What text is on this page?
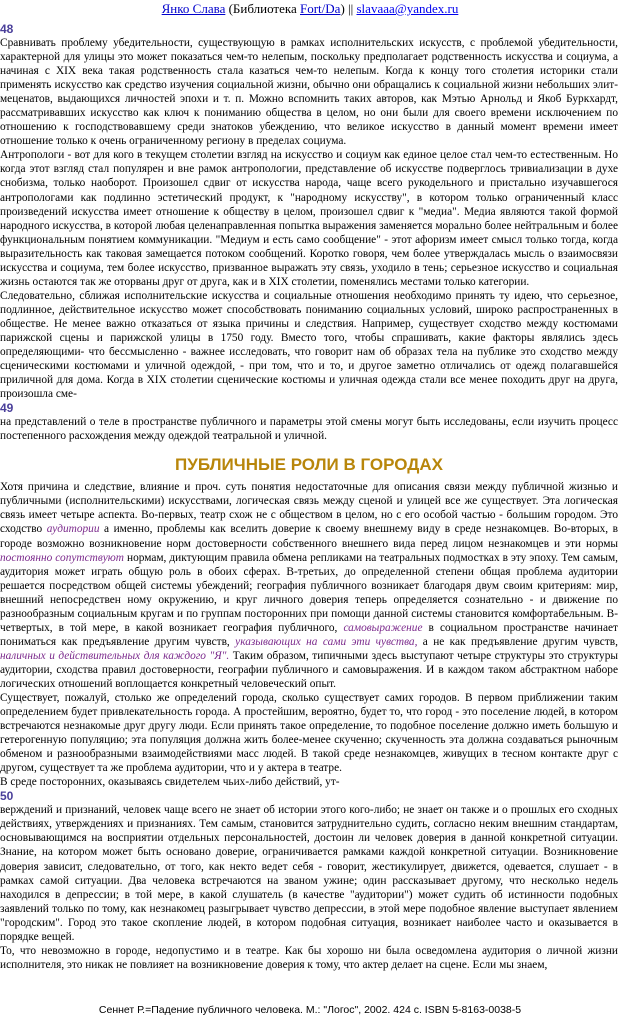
Янко Слава (Библиотека Fort/Da) || slavaaa@yandex.ru
48

Сравнивать проблему убедительности, существующую в рамках исполнительских искусств, с проблемой убедительности, характерной для улицы это может показаться чем-то нелепым, поскольку предполагает родственность искусства и социума, а начиная с XIX века такая родственность стала казаться чем-то нелепым. Когда к концу того столетия историки стали применять искусство как средство изучения социальной жизни, обычно они обращались к социальной жизни небольших элит- меценатов, выдающихся личностей эпохи и т. п. Можно вспомнить таких авторов, как Мэтью Арнольд и Якоб Буркхардт, рассматривавших искусство как ключ к пониманию общества в целом, но они были для своего времени исключением по отношению к господствовавшему среди знатоков убеждению, что великое искусство в данный момент времени имеет отношение только к очень ограниченному региону в пределах социума.

Антропологи - вот для кого в текущем столетии взгляд на искусство и социум как единое целое стал чем-то естественным. Но когда этот взгляд стал популярен и вне рамок антропологии, представление об искусстве подверглось тривиализации в духе снобизма, только наоборот. Произошел сдвиг от искусства народа, чаще всего рукодельного и пристально изучавшегося антропологами как подлинно эстетический продукт, к "народному искусству", в котором только ограниченный класс произведений искусства имеет отношение к обществу в целом, произошел сдвиг к "медиа". Медиа являются такой формой народного искусства, в которой любая целенаправленная попытка выражения заменяется морально более нейтральным и более функциональным понятием коммуникации. "Медиум и есть само сообщение" - этот афоризм имеет смысл только тогда, когда выразительность как таковая замещается потоком сообщений. Коротко говоря, чем более утверждалась мысль о взаимосвязи искусства и социума, тем более искусство, призванное выражать эту связь, уходило в тень; серьезное искусство и социальная жизнь остаются так же оторваны друг от друга, как и в XIX столетии, поменялись местами только категории.

Следовательно, сближая исполнительские искусства и социальные отношения необходимо принять ту идею, что серьезное, подлинное, действительное искусство может способствовать пониманию социальных условий, широко распространенных в обществе. Не менее важно отказаться от языка причины и следствия. Например, существует сходство между костюмами парижской сцены и парижской улицы в 1750 году. Вместо того, чтобы спрашивать, какие факторы являлись здесь определяющими- что бессмысленно - важнее исследовать, что говорит нам об образах тела на публике это сходство между сценическими костюмами и уличной одеждой, - при том, что и то, и другое заметно отличались от одежд полагавшейся приличной для дома. Когда в XIX столетии сценические костюмы и уличная одежда стали все менее походить друг на друга, произошла сме-

49

на представлений о теле в пространстве публичного и параметры этой смены могут быть исследованы, если изучить процесс постепенного расхождения между одеждой театральной и уличной.

ПУБЛИЧНЫЕ РОЛИ В ГОРОДАХ

Хотя причина и следствие, влияние и проч. суть понятия недостаточные для описания связи между публичной жизнью и публичными (исполнительскими) искусствами, логическая связь между сценой и улицей все же существует. Эта логическая связь имеет четыре аспекта. Во-первых, театр схож не с обществом в целом, но с его особой частью - большим городом. Это сходство аудитории а именно, проблемы как вселить доверие к своему внешнему виду в среде незнакомцев. Во-вторых, в городе возможно возникновение норм достоверности собственного внешнего вида перед лицом незнакомцев и эти нормы постоянно сопутствуют нормам, диктующим правила обмена репликами на театральных подмостках в эту эпоху. Тем самым, аудитория может играть общую роль в обоих сферах. В-третьих, до определенной степени общая проблема аудитории решается посредством общей системы убеждений; география публичного возникает благодаря двум своим критериям: мир, внешний непосредствен ному окружению, и круг личного доверия теперь определяется сознательно - и движение по разнообразным социальным кругам и по группам посторонних при помощи данной системы становится комфортабельным. В-четвертых, в той мере, в какой возникает география публичного, самовыражение в социальном пространстве начинает пониматься как предъявление другим чувств, указывающих на сами эти чувства, а не как предъявление другим чувств, наличных и действительных для каждого "Я". Таким образом, типичными здесь выступают четыре структуры это структуры аудитории, сходства правил достоверности, географии публичного и самовыражения. И в каждом таком абстрактном наборе логических отношений воплощается конкретный человеческий опыт.

Существует, пожалуй, столько же определений города, сколько существует самих городов. В первом приближении таким определением будет привлекательность города. А простейшим, вероятно, будет то, что город - это поселение людей, в котором встречаются незнакомые друг другу люди. Если принять такое определение, то подобное поселение должно иметь большую и гетерогенную популяцию; эта популяция должна жить более-менее скученно; скученность эта должна создаваться рыночным обменом и разнообразными взаимодействиями масс людей. В такой среде незнакомцев, живущих в тесном контакте друг с другом, существует та же проблема аудитории, что и у актера в театре.

В среде посторонних, оказываясь свидетелем чьих-либо действий, ут-

50

верждений и признаний, человек чаще всего не знает об истории этого кого-либо; не знает он также и о прошлых его сходных действиях, утверждениях и признаниях. Тем самым, становится затруднительно судить, согласно неким внешним стандартам, основывающимся на восприятии отдельных персональностей, достоин ли человек доверия в данной конкретной ситуации. Знание, на котором может быть основано доверие, ограничивается рамками каждой конкретной ситуации. Возникновение доверия зависит, следовательно, от того, как некто ведет себя - говорит, жестикулирует, движется, одевается, слушает - в рамках самой ситуации. Два человека встречаются на званом ужине; один рассказывает другому, что несколько недель находился в депрессии; в той мере, в какой слушатель (в качестве "аудитории") может судить об истинности подобных заявлений только по тому, как незнакомец разыгрывает чувство депрессии, в этой мере подобное явление выступает явлением "городским". Город это такое скопление людей, в котором подобная ситуация, возникает наиболее часто и оказывается в порядке вещей.

То, что невозможно в городе, недопустимо и в театре. Как бы хорошо ни была осведомлена аудитория о личной жизни исполнителя, это никак не повлияет на возникновение доверия к тому, что актер делает на сцене. Если мы знаем,

Сеннет Р.=Падение публичного человека. М.: "Логос", 2002. 424 с. ISBN 5-8163-0038-5
